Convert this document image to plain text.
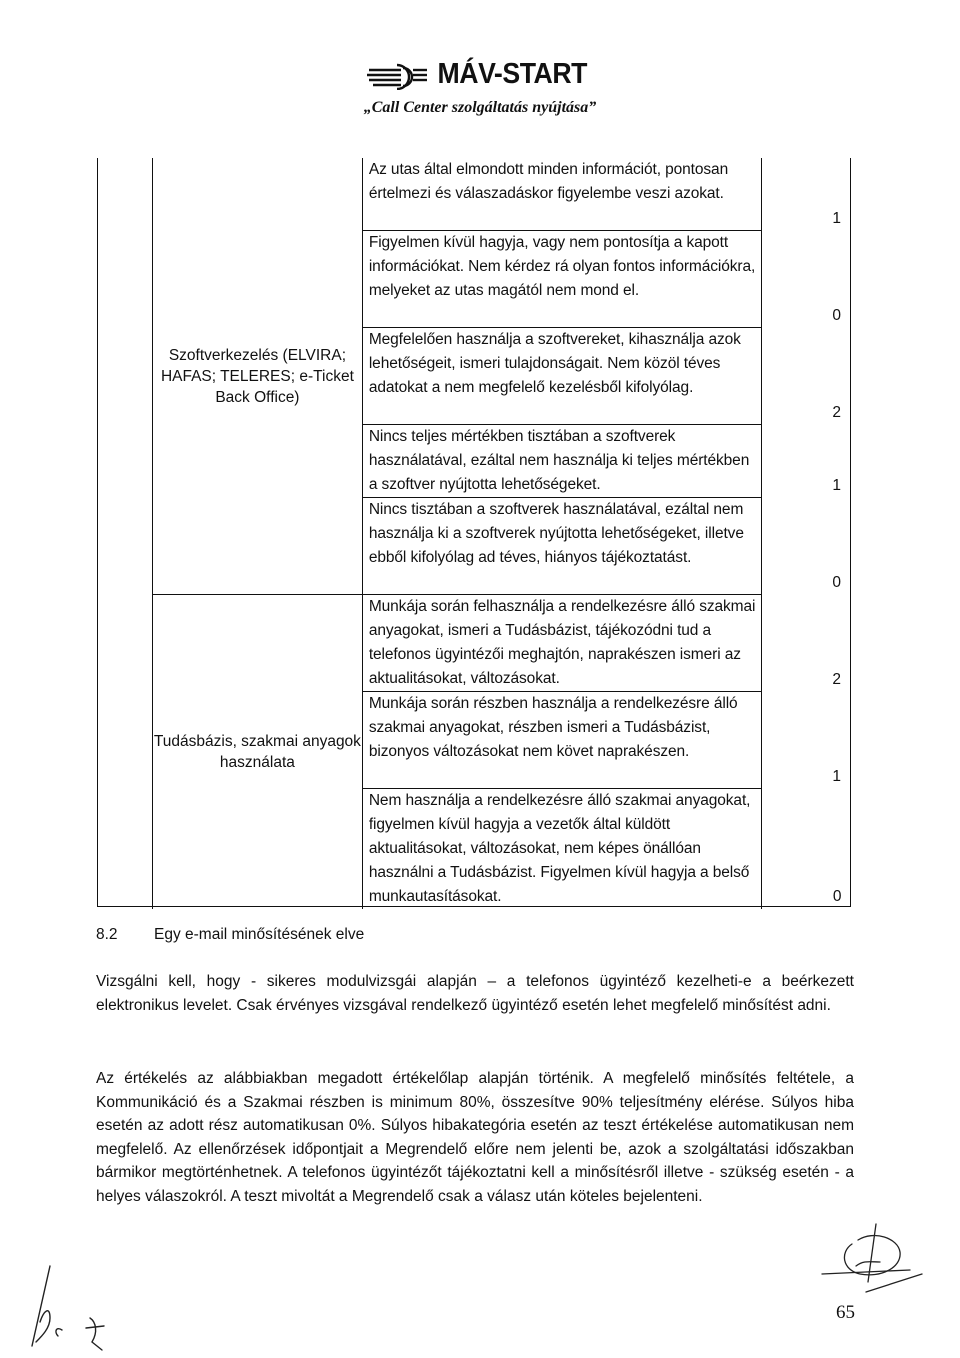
MÁV-START
„Call Center szolgáltatás nyújtása”
Szoftverkezelés (ELVIRA; HAFAS; TELERES; e-Ticket Back Office)	Az utas által elmondott minden információt, pontosan értelmezi és válaszadáskor figyelembe veszi azokat.	1
	Figyelmen kívül hagyja, vagy nem pontosítja a kapott információkat. Nem kérdez rá olyan fontos információkra, melyeket az utas magától nem mond el.	0
	Megfelelően használja a szoftvereket, kihasználja azok lehetőségeit, ismeri tulajdonságait. Nem közöl téves adatokat a nem megfelelő kezelésből kifolyólag.	2
	Nincs teljes mértékben tisztában a szoftverek használatával, ezáltal nem használja ki teljes mértékben a szoftver nyújtotta lehetőségeket.	1
	Nincs tisztában a szoftverek használatával, ezáltal nem használja ki a szoftverek nyújtotta lehetőségeket, illetve ebből kifolyólag ad téves, hiányos tájékoztatást.	0
Tudásbázis, szakmai anyagok használata	Munkája során felhasználja a rendelkezésre álló szakmai anyagokat, ismeri a Tudásbázist, tájékozódni tud a telefonos ügyintézői meghajtón, naprakészen ismeri az aktualitásokat, változásokat.	2
	Munkája során részben használja a rendelkezésre álló szakmai anyagokat, részben ismeri a Tudásbázist, bizonyos változásokat nem követ naprakészen.	1
	Nem használja a rendelkezésre álló szakmai anyagokat, figyelmen kívül hagyja a vezetők által küldött aktualitásokat, változásokat, nem képes önállóan használni a Tudásbázist. Figyelmen kívül hagyja a belső munkautasításokat.	0
8.2 Egy e-mail minősítésének elve
Vizsgálni kell, hogy - sikeres modulvizsgái alapján – a telefonos ügyintéző kezelheti-e a beérkezett elektronikus levelet. Csak érvényes vizsgával rendelkező ügyintéző esetén lehet megfelelő minősítést adni.
Az értékelés az alábbiakban megadott értékelőlap alapján történik. A megfelelő minősítés feltétele, a Kommunikáció és a Szakmai részben is minimum 80%, összesítve 90% teljesítmény elérése. Súlyos hiba esetén az adott rész automatikusan 0%. Súlyos hibakategória esetén az teszt értékelése automatikusan nem megfelelő. Az ellenőrzések időpontjait a Megrendelő előre nem jelenti be, azok a szolgáltatási időszakban bármikor megtörténhetnek. A telefonos ügyintézőt tájékoztatni kell a minősítésről illetve - szükség esetén - a helyes válaszokról. A teszt mivoltát a Megrendelő csak a válasz után köteles bejelenteni.
65
